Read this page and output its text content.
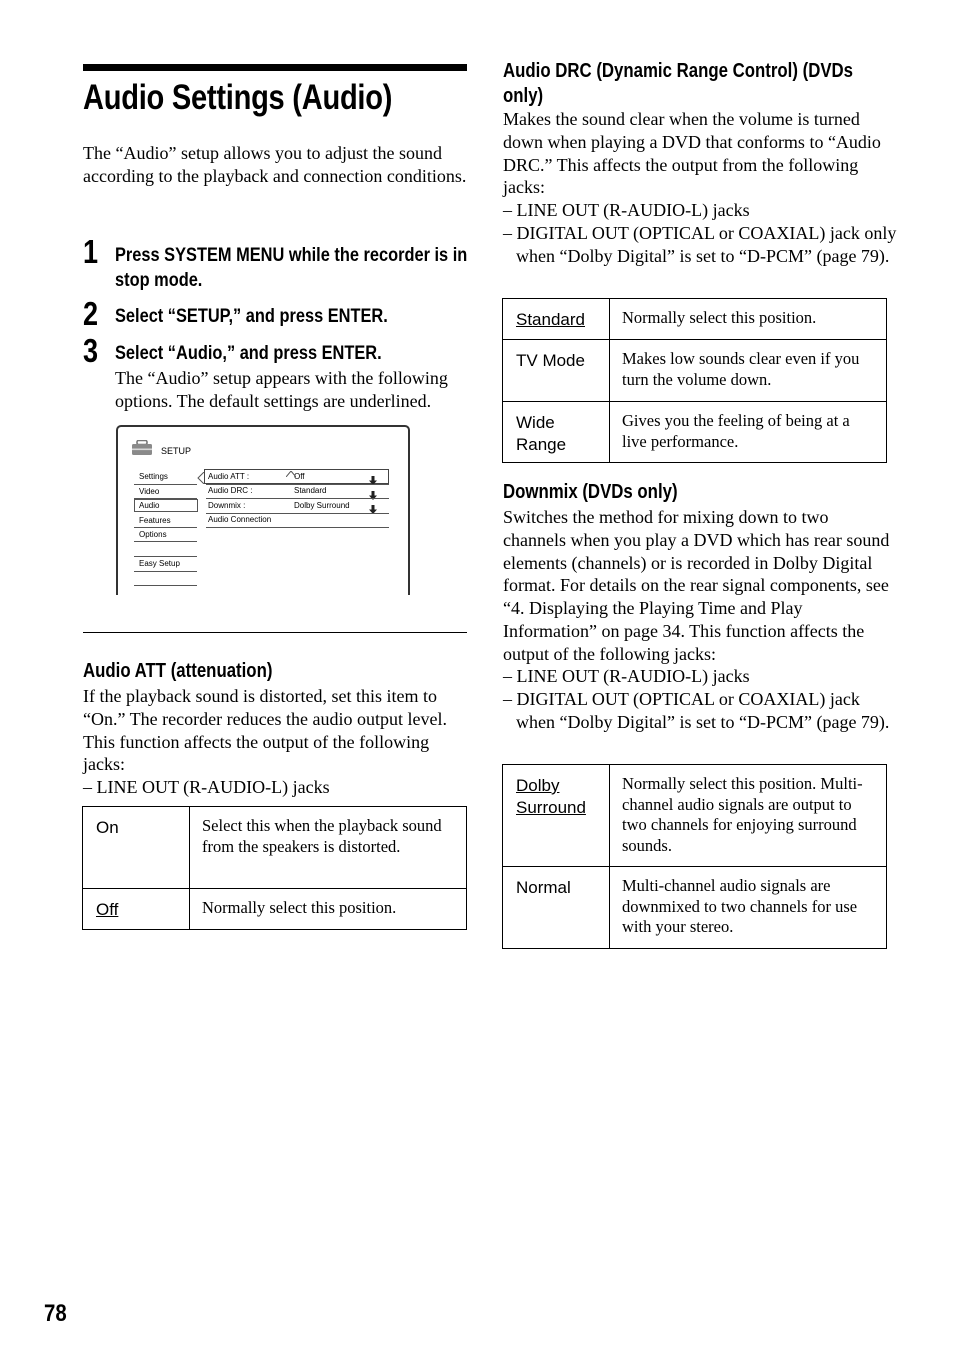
Audio Settings (Audio)
The “Audio” setup allows you to adjust the sound according to the playback and connection conditions.
1 Press SYSTEM MENU while the recorder is in stop mode.
2 Select “SETUP,” and press ENTER.
3 Select “Audio,” and press ENTER.
The “Audio” setup appears with the following options. The default settings are underlined.
SETUP
Settings
Video
Audio
Features
Options
Easy Setup
Audio ATT :	Off
Audio DRC :	Standard
Downmix :	Dolby Surround
Audio Connection
Audio ATT (attenuation)
If the playback sound is distorted, set this item to “On.” The recorder reduces the audio output level. This function affects the output of the following jacks:
– LINE OUT (R-AUDIO-L) jacks
On	Select this when the playback sound from the speakers is distorted.
Off	Normally select this position.
Audio DRC (Dynamic Range Control) (DVDs only)
Makes the sound clear when the volume is turned down when playing a DVD that conforms to “Audio DRC.” This affects the output from the following jacks:
– LINE OUT (R-AUDIO-L) jacks
– DIGITAL OUT (OPTICAL or COAXIAL) jack only when “Dolby Digital” is set to “D-PCM” (page 79).
Standard	Normally select this position.
TV Mode	Makes low sounds clear even if you turn the volume down.
Wide Range	Gives you the feeling of being at a live performance.
Downmix (DVDs only)
Switches the method for mixing down to two channels when you play a DVD which has rear sound elements (channels) or is recorded in Dolby Digital format. For details on the rear signal components, see “4. Displaying the Playing Time and Play Information” on page 34. This function affects the output of the following jacks:
– LINE OUT (R-AUDIO-L) jacks
– DIGITAL OUT (OPTICAL or COAXIAL) jack when “Dolby Digital” is set to “D-PCM” (page 79).
Dolby Surround	Normally select this position. Multi-channel audio signals are output to two channels for enjoying surround sounds.
Normal	Multi-channel audio signals are downmixed to two channels for use with your stereo.
78
